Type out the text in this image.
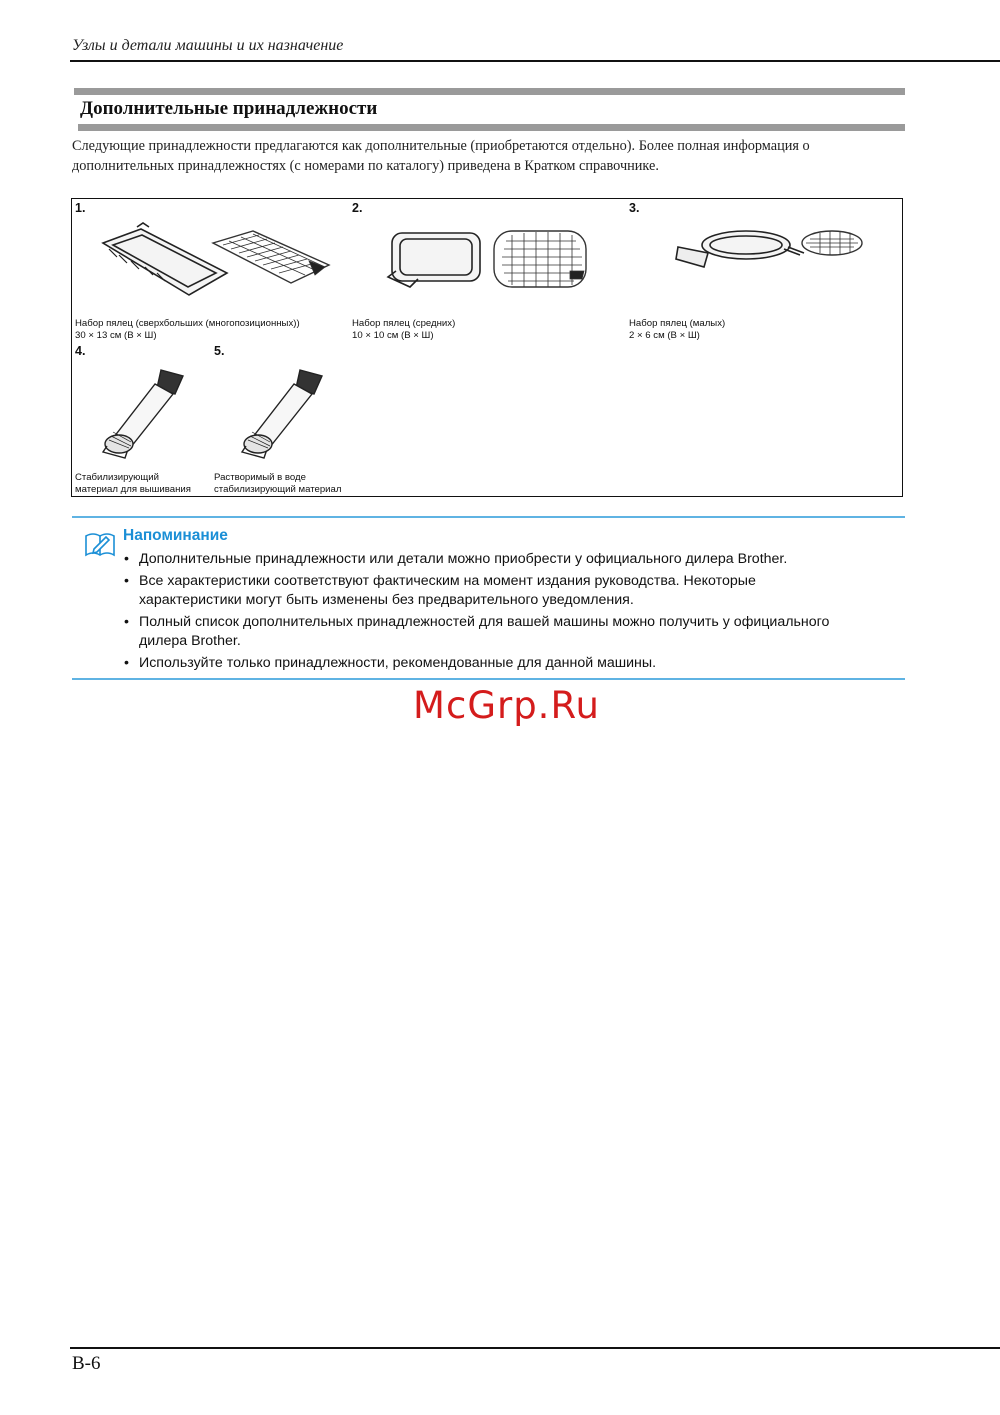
Узлы и детали машины и их назначение
Дополнительные принадлежности
Следующие принадлежности предлагаются как дополнительные (приобретаются отдельно). Более полная информация о
дополнительных принадлежностях (с номерами по каталогу) приведена в Кратком справочнике.
1.
Набор пялец (сверхбольших (многопозиционных))
30 × 13 см (В × Ш)
2.
Набор пялец (средних)
10 × 10 см (В × Ш)
3.
Набор пялец (малых)
2 × 6 см (В × Ш)
4.
Стабилизирующий
материал для вышивания
5.
Растворимый в воде
стабилизирующий материал
Напоминание
• Дополнительные принадлежности или детали можно приобрести у официального дилера Brother.
• Все характеристики соответствуют фактическим на момент издания руководства. Некоторые
характеристики могут быть изменены без предварительного уведомления.
• Полный список дополнительных принадлежностей для вашей машины можно получить у официального
дилера Brother.
• Используйте только принадлежности, рекомендованные для данной машины.
McGrp.Ru
B-6
